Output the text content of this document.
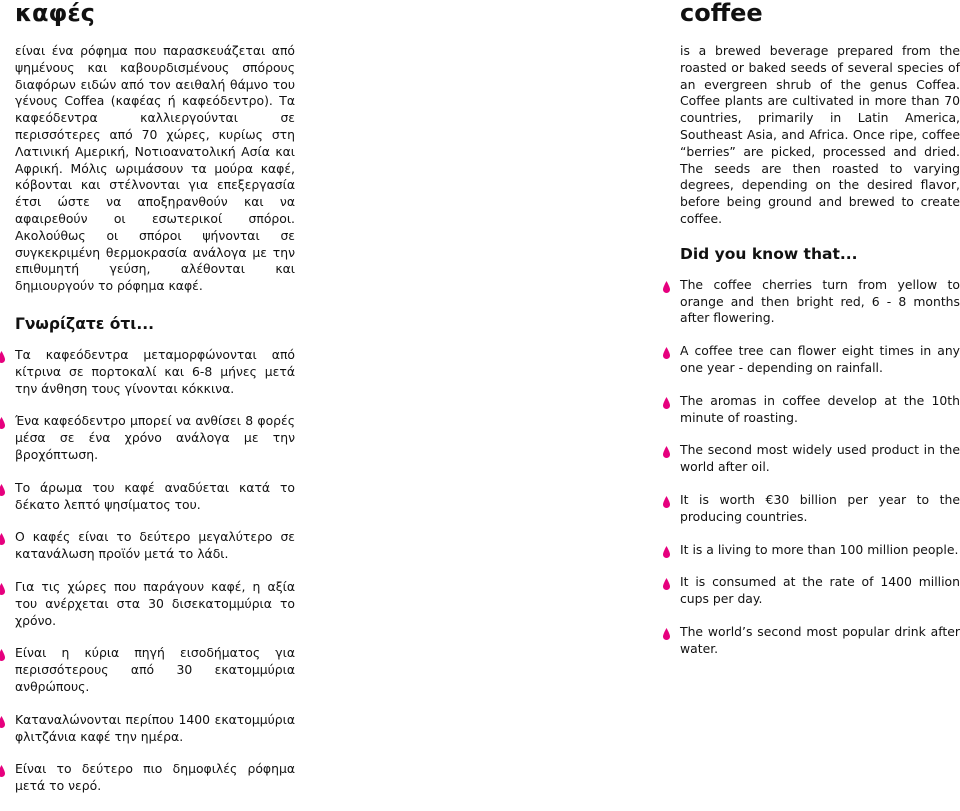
καφές

είναι ένα ρόφημα που παρασκευάζεται από ψημένους και καβουρδισμένους σπόρους διαφόρων ειδών από τον αειθαλή θάμνο του γένους Coffea (καφέας ή καφεόδεντρο). Τα καφεόδεντρα καλλιεργούνται σε περισσότερες από 70 χώρες, κυρίως στη Λατινική Αμερική, Νοτιοανατολική Ασία και Αφρική. Μόλις ωριμάσουν τα μούρα καφέ, κόβονται και στέλνονται για επεξεργασία έτσι ώστε να αποξηρανθούν και να αφαιρεθούν οι εσωτερικοί σπόροι. Ακολούθως οι σπόροι ψήνονται σε συγκεκριμένη θερμοκρασία ανάλογα με την επιθυμητή γεύση, αλέθονται και δημιουργούν το ρόφημα καφέ.

Γνωρίζατε ότι...
Τα καφεόδεντρα μεταμορφώνονται από κίτρινα σε πορτοκαλί και 6-8 μήνες μετά την άνθηση τους γίνονται κόκκινα.
Ένα καφεόδεντρο μπορεί να ανθίσει 8 φορές μέσα σε ένα χρόνο ανάλογα με την βροχόπτωση.
Το άρωμα του καφέ αναδύεται κατά το δέκατο λεπτό ψησίματος του.
Ο καφές είναι το δεύτερο μεγαλύτερο σε κατανάλωση προϊόν μετά το λάδι.
Για τις χώρες που παράγουν καφέ, η αξία του ανέρχεται στα 30 δισεκατομμύρια το χρόνο.
Είναι η κύρια πηγή εισοδήματος για περισσότερους από 30 εκατομμύρια ανθρώπους.
Καταναλώνονται περίπου 1400 εκατομμύρια φλιτζάνια καφέ την ημέρα.
Είναι το δεύτερο πιο δημοφιλές ρόφημα μετά το νερό.
coffee

is a brewed beverage prepared from the roasted or baked seeds of several species of an evergreen shrub of the genus Coffea. Coffee plants are cultivated in more than 70 countries, primarily in Latin America, Southeast Asia, and Africa. Once ripe, coffee “berries” are picked, processed and dried. The seeds are then roasted to varying degrees, depending on the desired flavor, before being ground and brewed to create coffee.

Did you know that...
The coffee cherries turn from yellow to orange and then bright red, 6 - 8 months after flowering.
A coffee tree can flower eight times in any one year - depending on rainfall.
The aromas in coffee develop at the 10th minute of roasting.
The second most widely used product in the world after oil.
It is worth €30 billion per year to the producing countries.
It is a living to more than 100 million people.
It is consumed at the rate of 1400 million cups per day.
The world’s second most popular drink after water.
